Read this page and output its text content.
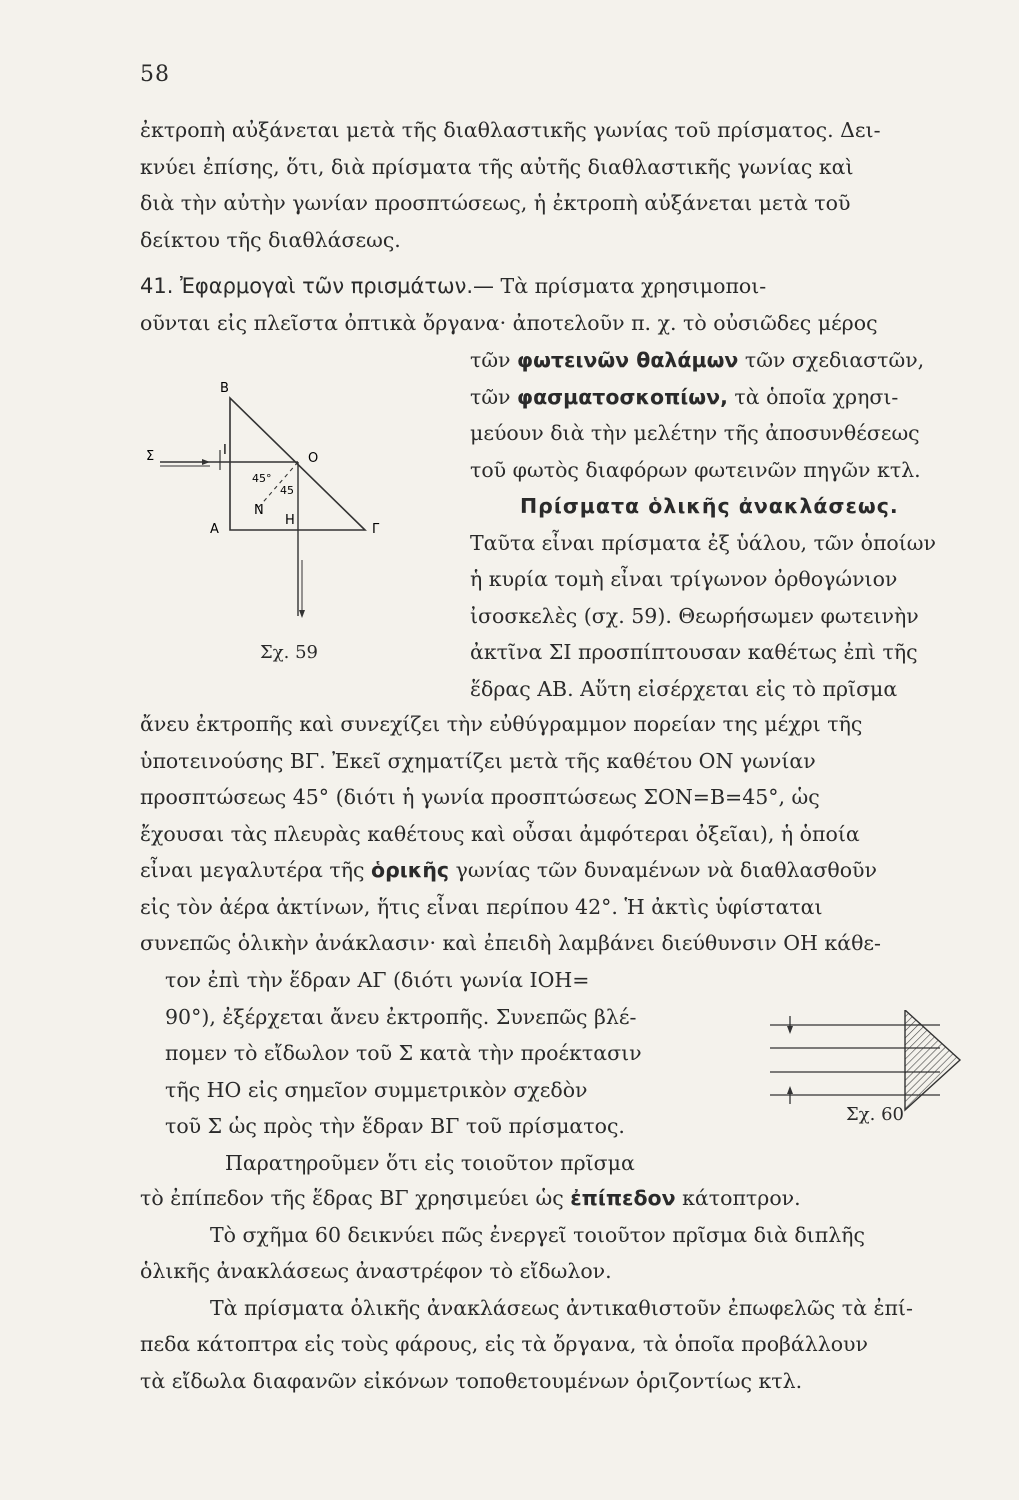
58

ἐκτροπὴ αὐξάνεται μετὰ τῆς διαθλαστικῆς γωνίας τοῦ πρίσματος. Δει-
κνύει ἐπίσης, ὅτι, διὰ πρίσματα τῆς αὐτῆς διαθλαστικῆς γωνίας καὶ
διὰ τὴν αὐτὴν γωνίαν προσπτώσεως, ἡ ἐκτροπὴ αὐξάνεται μετὰ τοῦ
δείκτου τῆς διαθλάσεως.

41. Ἐφαρμογαὶ τῶν πρισμάτων.— Τὰ πρίσματα χρησιμοποι-
οῦνται εἰς πλεῖστα ὀπτικὰ ὄργανα· ἀποτελοῦν π. χ. τὸ οὐσιῶδες μέρος

τῶν φωτεινῶν θαλάμων τῶν σχεδιαστῶν,
τῶν φασματοσκοπίων, τὰ ὁποῖα χρησι-
μεύουν διὰ τὴν μελέτην τῆς ἀποσυνθέσεως
τοῦ φωτὸς διαφόρων φωτεινῶν πηγῶν κτλ.
Πρίσματα ὁλικῆς ἀνακλάσεως.
Ταῦτα εἶναι πρίσματα ἐξ ὑάλου, τῶν ὁποίων
ἡ κυρία τομὴ εἶναι τρίγωνον ὀρθογώνιον
ἰσοσκελὲς (σχ. 59). Θεωρήσωμεν φωτεινὴν
ἀκτῖνα ΣΙ προσπίπτουσαν καθέτως ἐπὶ τῆς
ἕδρας ΑΒ. Αὕτη εἰσέρχεται εἰς τὸ πρῖσμα

Β
Σ	Ι
Ο
Α	Γ
Ν
Η
45°
45
Σχ. 59

ἄνευ ἐκτροπῆς καὶ συνεχίζει τὴν εὐθύγραμμον πορείαν της μέχρι τῆς
ὑποτεινούσης ΒΓ. Ἐκεῖ σχηματίζει μετὰ τῆς καθέτου ΟΝ γωνίαν
προσπτώσεως 45° (διότι ἡ γωνία προσπτώσεως ΣΟΝ=Β=45°, ὡς
ἔχουσαι τὰς πλευρὰς καθέτους καὶ οὖσαι ἀμφότεραι ὀξεῖαι), ἡ ὁποία
εἶναι μεγαλυτέρα τῆς ὁρικῆς γωνίας τῶν δυναμένων νὰ διαθλασθοῦν
εἰς τὸν ἀέρα ἀκτίνων, ἥτις εἶναι περίπου 42°. Ἡ ἀκτὶς ὑφίσταται
συνεπῶς ὁλικὴν ἀνάκλασιν· καὶ ἐπειδὴ λαμβάνει διεύθυνσιν ΟΗ κάθε-

τον ἐπὶ τὴν ἕδραν ΑΓ (διότι γωνία ΙΟΗ=
90°), ἐξέρχεται ἄνευ ἐκτροπῆς. Συνεπῶς βλέ-
πομεν τὸ εἴδωλον τοῦ Σ κατὰ τὴν προέκτασιν
τῆς ΗΟ εἰς σημεῖον συμμετρικὸν σχεδὸν
τοῦ Σ ὡς πρὸς τὴν ἕδραν ΒΓ τοῦ πρίσματος.
Παρατηροῦμεν ὅτι εἰς τοιοῦτον πρῖσμα

Σχ. 60

τὸ ἐπίπεδον τῆς ἕδρας ΒΓ χρησιμεύει ὡς ἐπίπεδον κάτοπτρον.
Τὸ σχῆμα 60 δεικνύει πῶς ἐνεργεῖ τοιοῦτον πρῖσμα διὰ διπλῆς
ὁλικῆς ἀνακλάσεως ἀναστρέφον τὸ εἴδωλον.
Τὰ πρίσματα ὁλικῆς ἀνακλάσεως ἀντικαθιστοῦν ἐπωφελῶς τὰ ἐπί-
πεδα κάτοπτρα εἰς τοὺς φάρους, εἰς τὰ ὄργανα, τὰ ὁποῖα προβάλλουν
τὰ εἴδωλα διαφανῶν εἰκόνων τοποθετουμένων ὁριζοντίως κτλ.
